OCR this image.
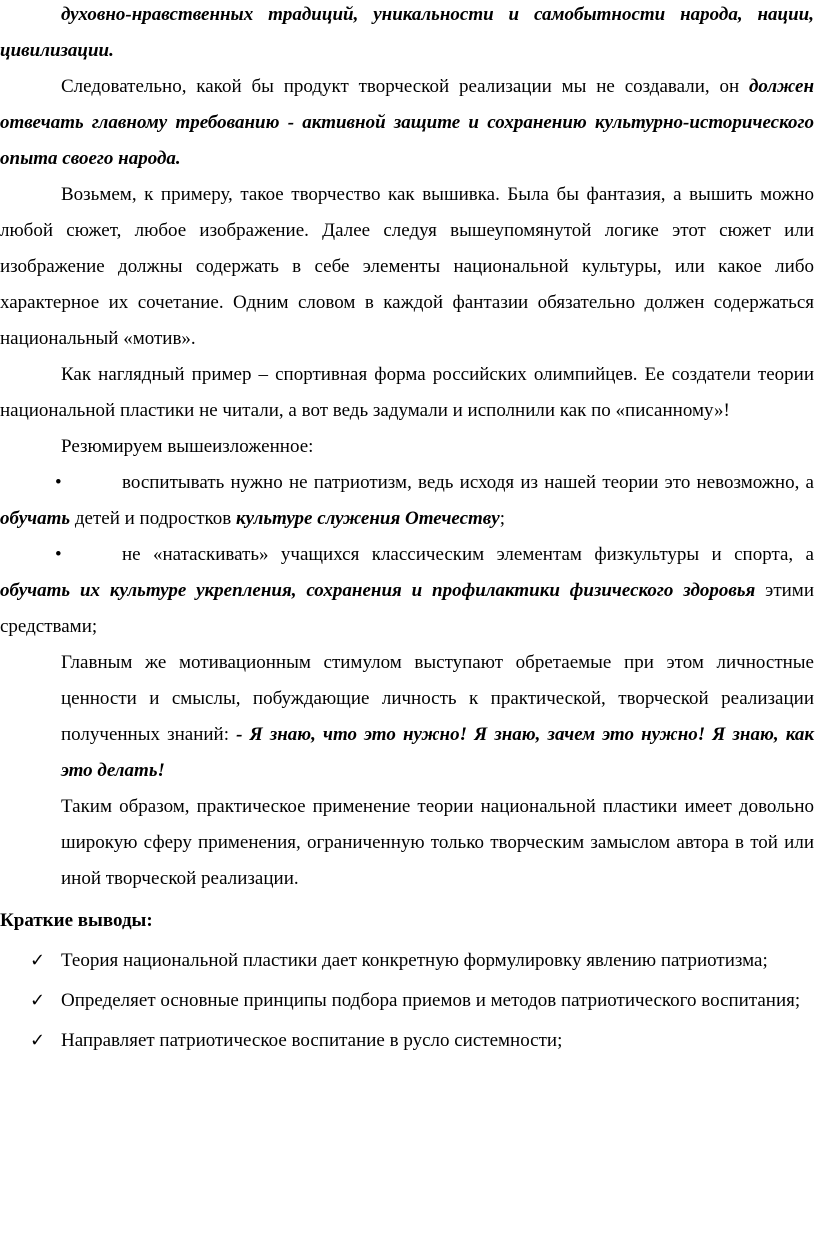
духовно-нравственных традиций, уникальности и самобытности народа, нации, цивилизации.

Следовательно, какой бы продукт творческой реализации мы не создавали, он должен отвечать главному требованию - активной защите и сохранению культурно-исторического опыта своего народа.

Возьмем, к примеру, такое творчество как вышивка. Была бы фантазия, а вышить можно любой сюжет, любое изображение. Далее следуя вышеупомянутой логике этот сюжет или изображение должны содержать в себе элементы национальной культуры, или какое либо характерное их сочетание. Одним словом в каждой фантазии обязательно должен содержаться национальный «мотив».

Как наглядный пример – спортивная форма российских олимпийцев. Ее создатели теории национальной пластики не читали, а вот ведь задумали и исполнили как по «писанному»!

Резюмируем вышеизложенное:

•	воспитывать нужно не патриотизм, ведь исходя из нашей теории это невозможно, а обучать детей и подростков культуре служения Отечеству;

•	не «натаскивать» учащихся классическим элементам физкультуры и спорта, а обучать их культуре укрепления, сохранения и профилактики физического здоровья этими средствами;

Главным же мотивационным стимулом выступают обретаемые при этом личностные ценности и смыслы, побуждающие личность к практической, творческой реализации полученных знаний: - Я знаю, что это нужно! Я знаю, зачем это нужно! Я знаю, как это делать!

Таким образом, практическое применение теории национальной пластики имеет довольно широкую сферу применения, ограниченную только творческим замыслом автора в той или иной творческой реализации.

Краткие выводы:
✓ Теория национальной пластики дает конкретную формулировку явлению патриотизма;
✓ Определяет основные принципы подбора приемов и методов патриотического воспитания;
✓ Направляет патриотическое воспитание в русло системности;
